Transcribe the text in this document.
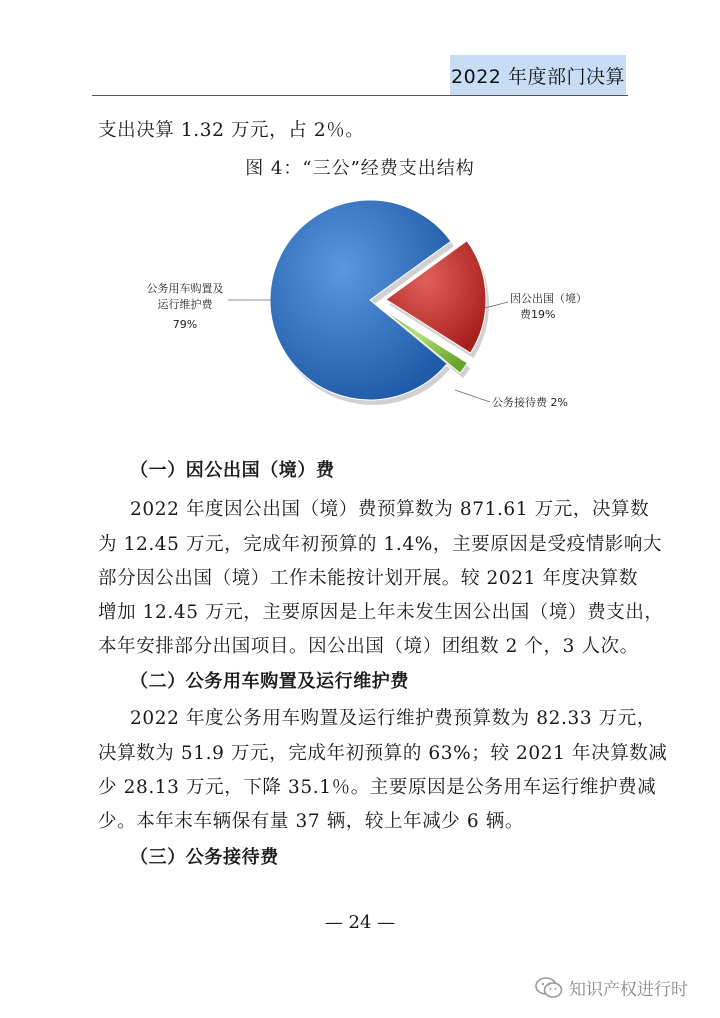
2022 年度部门决算
支出决算 1.32 万元，占 2％。
图 4：“三公”经费支出结构
公务用车购置及
运行维护费
79%
因公出国（境）
费19%
公务接待费 2%
（一）因公出国（境）费
2022 年度因公出国（境）费预算数为 871.61 万元，决算数
为 12.45 万元，完成年初预算的 1.4%，主要原因是受疫情影响大
部分因公出国（境）工作未能按计划开展。较 2021 年度决算数
增加 12.45 万元，主要原因是上年未发生因公出国（境）费支出，
本年安排部分出国项目。因公出国（境）团组数 2 个，3 人次。
（二）公务用车购置及运行维护费
2022 年度公务用车购置及运行维护费预算数为 82.33 万元，
决算数为 51.9 万元，完成年初预算的 63%；较 2021 年决算数减
少 28.13 万元，下降 35.1％。主要原因是公务用车运行维护费减
少。本年末车辆保有量 37 辆，较上年减少 6 辆。
（三）公务接待费
— 24 —
知识产权进行时
